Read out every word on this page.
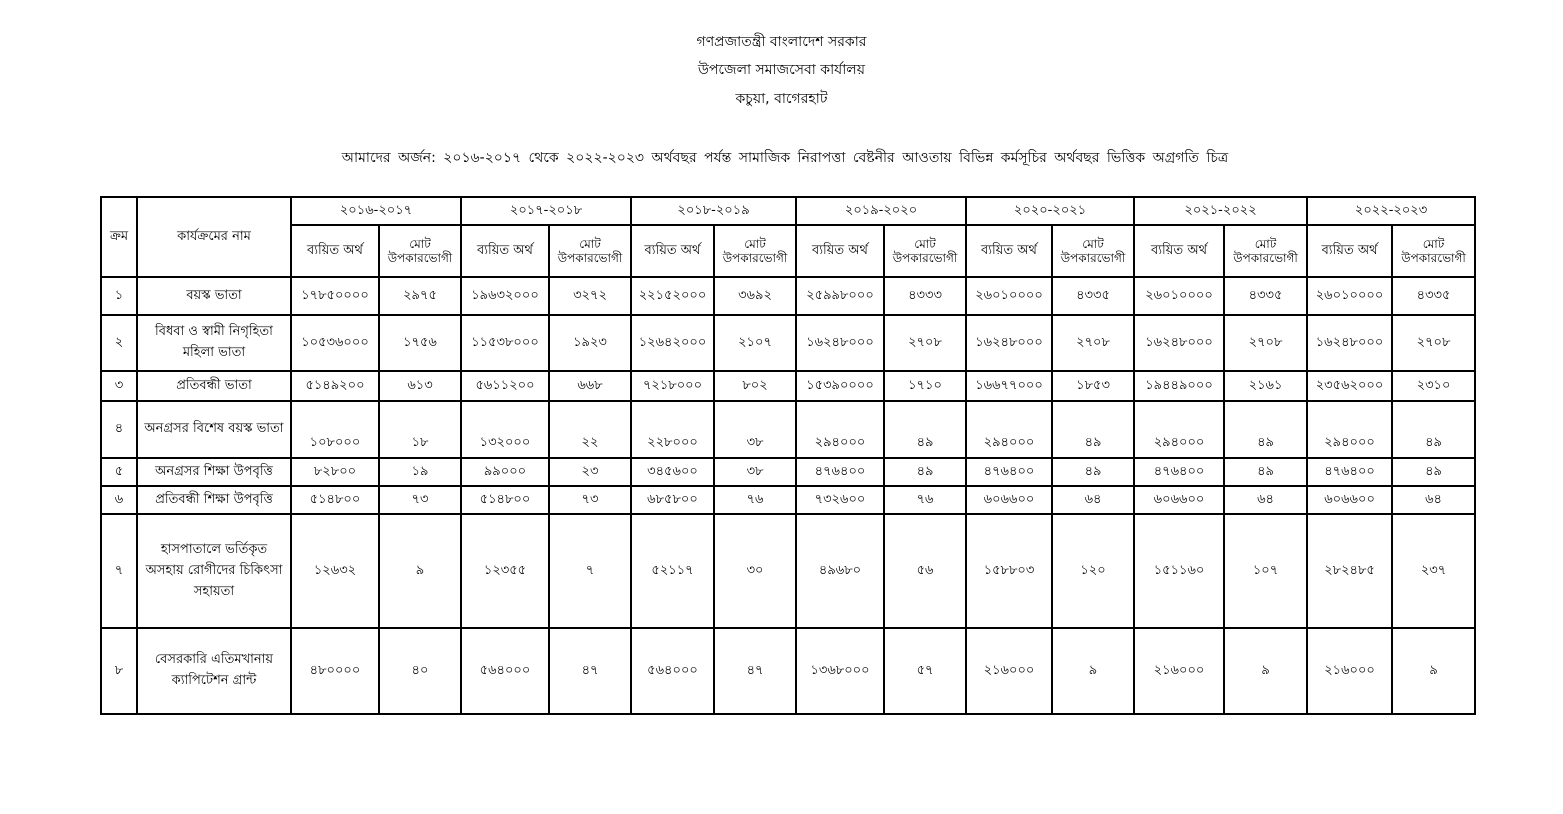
গণপ্রজাতন্ত্রী বাংলাদেশ সরকার
উপজেলা সমাজসেবা কার্যালয়
কচুয়া, বাগেরহাট
আমাদের অর্জন: ২০১৬-২০১৭ থেকে ২০২২-২০২৩ অর্থবছর পর্যন্ত সামাজিক নিরাপত্তা বেষ্টনীর আওতায় বিভিন্ন কর্মসূচির অর্থবছর ভিত্তিক অগ্রগতি চিত্র
ক্রম	কার্যক্রমের নাম	২০১৬-২০১৭		২০১৭-২০১৮		২০১৮-২০১৯		২০১৯-২০২০		২০২০-২০২১		২০২১-২০২২		২০২২-২০২৩	
		ব্যয়িত অর্থ	মোট উপকারভোগী	ব্যয়িত অর্থ	মোট উপকারভোগী	ব্যয়িত অর্থ	মোট উপকারভোগী	ব্যয়িত অর্থ	মোট উপকারভোগী	ব্যয়িত অর্থ	মোট উপকারভোগী	ব্যয়িত অর্থ	মোট উপকারভোগী	ব্যয়িত অর্থ	মোট উপকারভোগী
১	বয়স্ক ভাতা	১৭৮৫০০০০	২৯৭৫	১৯৬৩২০০০	৩২৭২	২২১৫২০০০	৩৬৯২	২৫৯৯৮০০০	৪৩৩৩	২৬০১০০০০	৪৩৩৫	২৬০১০০০০	৪৩৩৫	২৬০১০০০০	৪৩৩৫
২	বিধবা ও স্বামী নিগৃহিতা মহিলা ভাতা	১০৫৩৬০০০	১৭৫৬	১১৫৩৮০০০	১৯২৩	১২৬৪২০০০	২১০৭	১৬২৪৮০০০	২৭০৮	১৬২৪৮০০০	২৭০৮	১৬২৪৮০০০	২৭০৮	১৬২৪৮০০০	২৭০৮
৩	প্রতিবন্ধী ভাতা	৫১৪৯২০০	৬১৩	৫৬১১২০০	৬৬৮	৭২১৮০০০	৮০২	১৫৩৯০০০০	১৭১০	১৬৬৭৭০০০	১৮৫৩	১৯৪৪৯০০০	২১৬১	২৩৫৬২০০০	২৩১০
৪	অনগ্রসর বিশেষ বয়স্ক ভাতা	১০৮০০০	১৮	১৩২০০০	২২	২২৮০০০	৩৮	২৯৪০০০	৪৯	২৯৪০০০	৪৯	২৯৪০০০	৪৯	২৯৪০০০	৪৯
৫	অনগ্রসর শিক্ষা উপবৃত্তি	৮২৮০০	১৯	৯৯০০০	২৩	৩৪৫৬০০	৩৮	৪৭৬৪০০	৪৯	৪৭৬৪০০	৪৯	৪৭৬৪০০	৪৯	৪৭৬৪০০	৪৯
৬	প্রতিবন্ধী শিক্ষা উপবৃত্তি	৫১৪৮০০	৭৩	৫১৪৮০০	৭৩	৬৮৫৮০০	৭৬	৭৩২৬০০	৭৬	৬০৬৬০০	৬৪	৬০৬৬০০	৬৪	৬০৬৬০০	৬৪
৭	হাসপাতালে ভর্তিকৃত অসহায় রোগীদের চিকিৎসা সহায়তা	১২৬৩২	৯	১২৩৫৫	৭	৫২১১৭	৩০	৪৯৬৮০	৫৬	১৫৮৮০৩	১২০	১৫১১৬০	১০৭	২৮২৪৮৫	২৩৭
৮	বেসরকারি এতিমখানায় ক্যাপিটেশন গ্রান্ট	৪৮০০০০	৪০	৫৬৪০০০	৪৭	৫৬৪০০০	৪৭	১৩৬৮০০০	৫৭	২১৬০০০	৯	২১৬০০০	৯	২১৬০০০	৯
